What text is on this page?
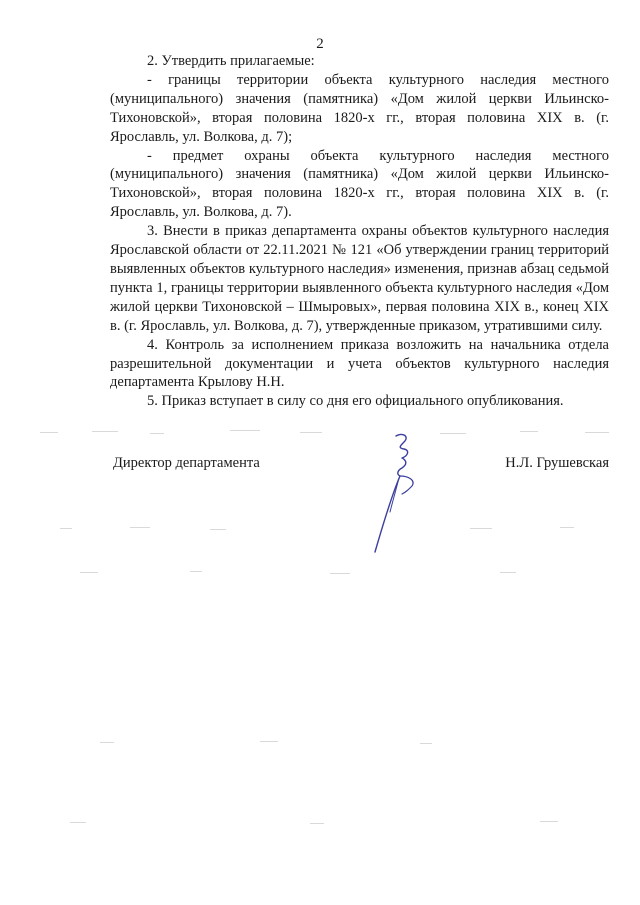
2

2. Утвердить прилагаемые:

- границы территории объекта культурного наследия местного (муниципального) значения (памятника) «Дом жилой церкви Ильинско-Тихоновской», вторая половина 1820-х гг., вторая половина XIX в. (г. Ярославль, ул. Волкова, д. 7);

- предмет охраны объекта культурного наследия местного (муниципального) значения (памятника) «Дом жилой церкви Ильинско-Тихоновской», вторая половина 1820-х гг., вторая половина XIX в. (г. Ярославль, ул. Волкова, д. 7).

3. Внести в приказ департамента охраны объектов культурного наследия Ярославской области от 22.11.2021 № 121 «Об утверждении границ территорий выявленных объектов культурного наследия» изменения, признав абзац седьмой пункта 1, границы территории выявленного объекта культурного наследия «Дом жилой церкви Тихоновской – Шмыровых», первая половина XIX в., конец XIX в. (г. Ярославль, ул. Волкова, д. 7), утвержденные приказом, утратившими силу.

4. Контроль за исполнением приказа возложить на начальника отдела разрешительной документации и учета объектов культурного наследия департамента Крылову Н.Н.

5. Приказ вступает в силу со дня его официального опубликования.

Директор департамента	Н.Л. Грушевская
